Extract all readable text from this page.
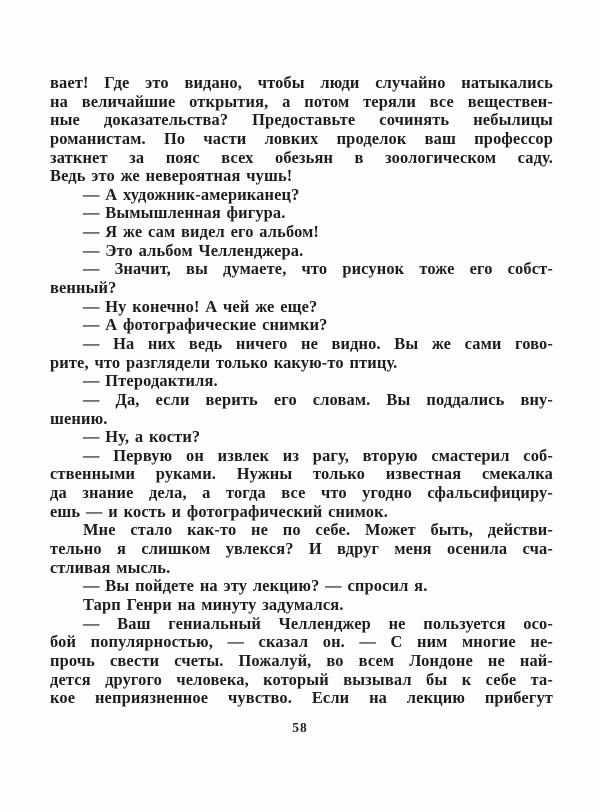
вает! Где это видано, чтобы люди случайно натыкались
на величайшие открытия, а потом теряли все веществен-
ные доказательства? Предоставьте сочинять небылицы
романистам. По части ловких проделок ваш профессор
заткнет за пояс всех обезьян в зоологическом саду.
Ведь это же невероятная чушь!
— А художник-американец?
— Вымышленная фигура.
— Я же сам видел его альбом!
— Это альбом Челленджера.
— Значит, вы думаете, что рисунок тоже его собст-
венный?
— Ну конечно! А чей же еще?
— А фотографические снимки?
— На них ведь ничего не видно. Вы же сами гово-
рите, что разглядели только какую-то птицу.
— Птеродактиля.
— Да, если верить его словам. Вы поддались вну-
шению.
— Ну, а кости?
— Первую он извлек из рагу, вторую смастерил соб-
ственными руками. Нужны только известная смекалка
да знание дела, а тогда все что угодно сфальсифициру-
ешь — и кость и фотографический снимок.
Мне стало как-то не по себе. Может быть, действи-
тельно я слишком увлекся? И вдруг меня осенила сча-
стливая мысль.
— Вы пойдете на эту лекцию? — спросил я.
Тарп Генри на минуту задумался.
— Ваш гениальный Челленджер не пользуется осо-
бой популярностью, — сказал он. — С ним многие не-
прочь свести счеты. Пожалуй, во всем Лондоне не най-
дется другого человека, который вызывал бы к себе та-
кое неприязненное чувство. Если на лекцию прибегут
58
